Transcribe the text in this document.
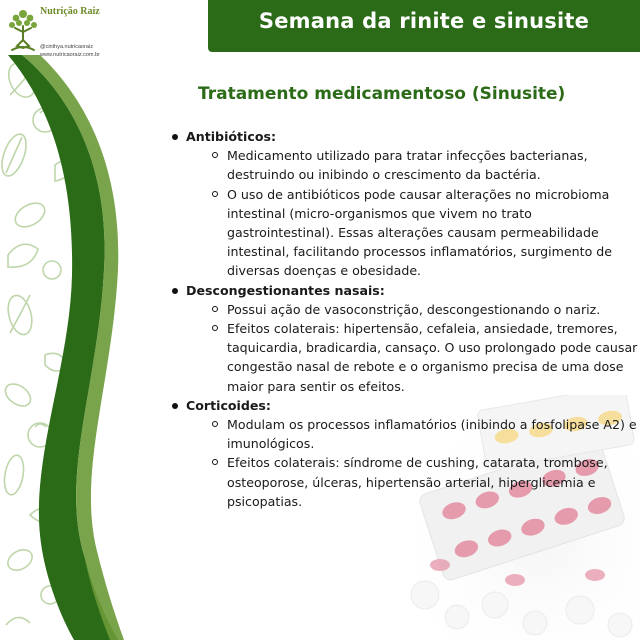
Nutrição Raiz
@cinthya.nutricaoraiz
www.nutricaoraiz.com.br
Semana da rinite e sinusite
Tratamento medicamentoso (Sinusite)
Antibióticos:
Medicamento utilizado para tratar infecções bacterianas, destruindo ou inibindo o crescimento da bactéria.
O uso de antibióticos pode causar alterações no microbioma intestinal (micro-organismos que vivem no trato gastrointestinal). Essas alterações causam permeabilidade intestinal, facilitando processos inflamatórios, surgimento de diversas doenças e obesidade.
Descongestionantes nasais:
Possui ação de vasoconstrição, descongestionando o nariz.
Efeitos colaterais: hipertensão, cefaleia, ansiedade, tremores, taquicardia, bradicardia, cansaço. O uso prolongado pode causar congestão nasal de rebote e o organismo precisa de uma dose maior para sentir os efeitos.
Corticoides:
Modulam os processos inflamatórios (inibindo a fosfolipase A2) e imunológicos.
Efeitos colaterais: síndrome de cushing, catarata, trombose, osteoporose, úlceras, hipertensão arterial, hiperglicemia e psicopatias.
